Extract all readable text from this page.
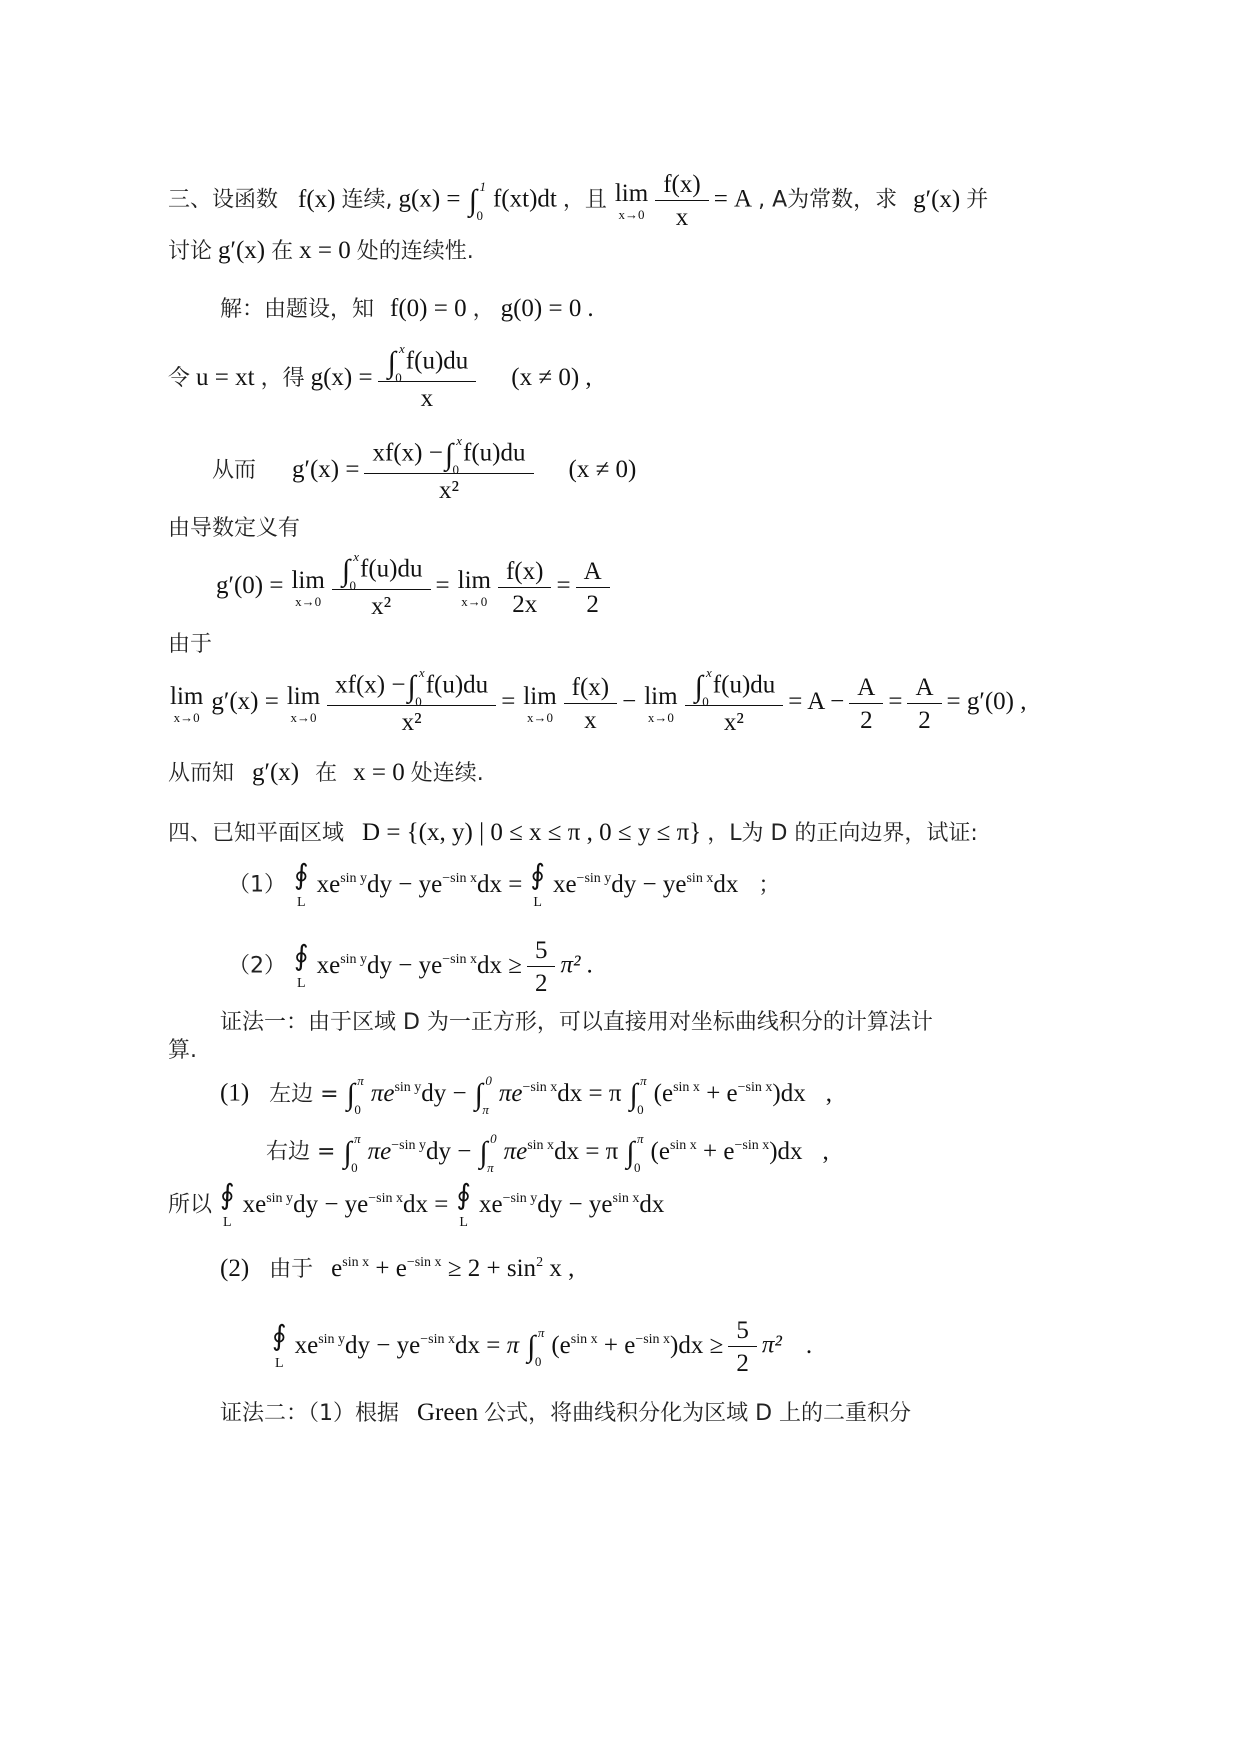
三、设函数 f(x) 连续, g(x) = ∫ 1
0
f(xt)dt ，且 lim
x→0
$\frac{f(x)}{x} = A$ , A为常数，求 g′(x) 并
讨论 g′(x) 在 x = 0 处的连续性.
解：由题设，知 f(0) = 0 ， g(0) = 0 .
令 u = xt ，得 g(x) = ∫ x
0
f(u)du
x (x ≠ 0) ,
从而 g′(x) = xf(x) −∫ x
0
f(u)du
x² (x ≠ 0)
由导数定义有
g′(0) = lim
x→0
∫ x
0
f(u)du
x² = lim
x→0
$\frac{f(x)}{2x} = \frac{A}{2}$
由于
lim
x→0
g′(x) = lim
x→0
xf(x) −∫ x
0
f(u)du
x² = lim
x→0
$\frac{f(x)}{x} - \lim$
x→0
∫ x
0
f(u)du
$x^2 = A - \frac{A}{2} = \frac{A}{2} = g'(0)$ ,
从而知 g′(x) 在 x = 0 处连续.
四、已知平面区域 D = {(x, y) | 0 ≤ x ≤ π , 0 ≤ y ≤ π} ，L为 D 的正向边界，试证:
（1） ∮
L
$xe^{sin y}dy - ye^{-sin x}dx$ = ∮
L
$xe^{-sin y}dy - ye^{sin x}dx$ ；
（2） ∮
L
$xe^{sin y}dy - ye^{-sin x}dx \ge \frac{5}{2} \pi^2$ .
证法一：由于区域 D 为一正方形，可以直接用对坐标曲线积分的计算法计
算.
(1) 左边 = ∫ π
0
$\pi e^{sin y}dy$ − ∫ 0
π
$\pi e^{-sin x}dx = \pi$ ∫ π
0
$(e^{sin x} + e^{-sin x})dx$ ,
右边 = ∫ π
0
$\pi e^{-sin y}dy$ − ∫ 0
π
$\pi e^{sin x}dx = \pi$ ∫ π
0
$(e^{sin x} + e^{-sin x})dx$ ,
所以 ∮
L
$xe^{sin y}dy - ye^{-sin x}dx$ = ∮
L
$xe^{-sin y}dy - ye^{sin x}dx$
(2) 由于 $e^{sin x} + e^{-sin x} \ge 2 + \sin^2 x$ ,
∮
L
$xe^{sin y}dy - ye^{-sin x}dx = \pi$ ∫ π
0
$(e^{sin x} + e^{-sin x})dx \ge \frac{5}{2} \pi^2$ .
证法二：（1）根据 Green 公式，将曲线积分化为区域 D 上的二重积分
